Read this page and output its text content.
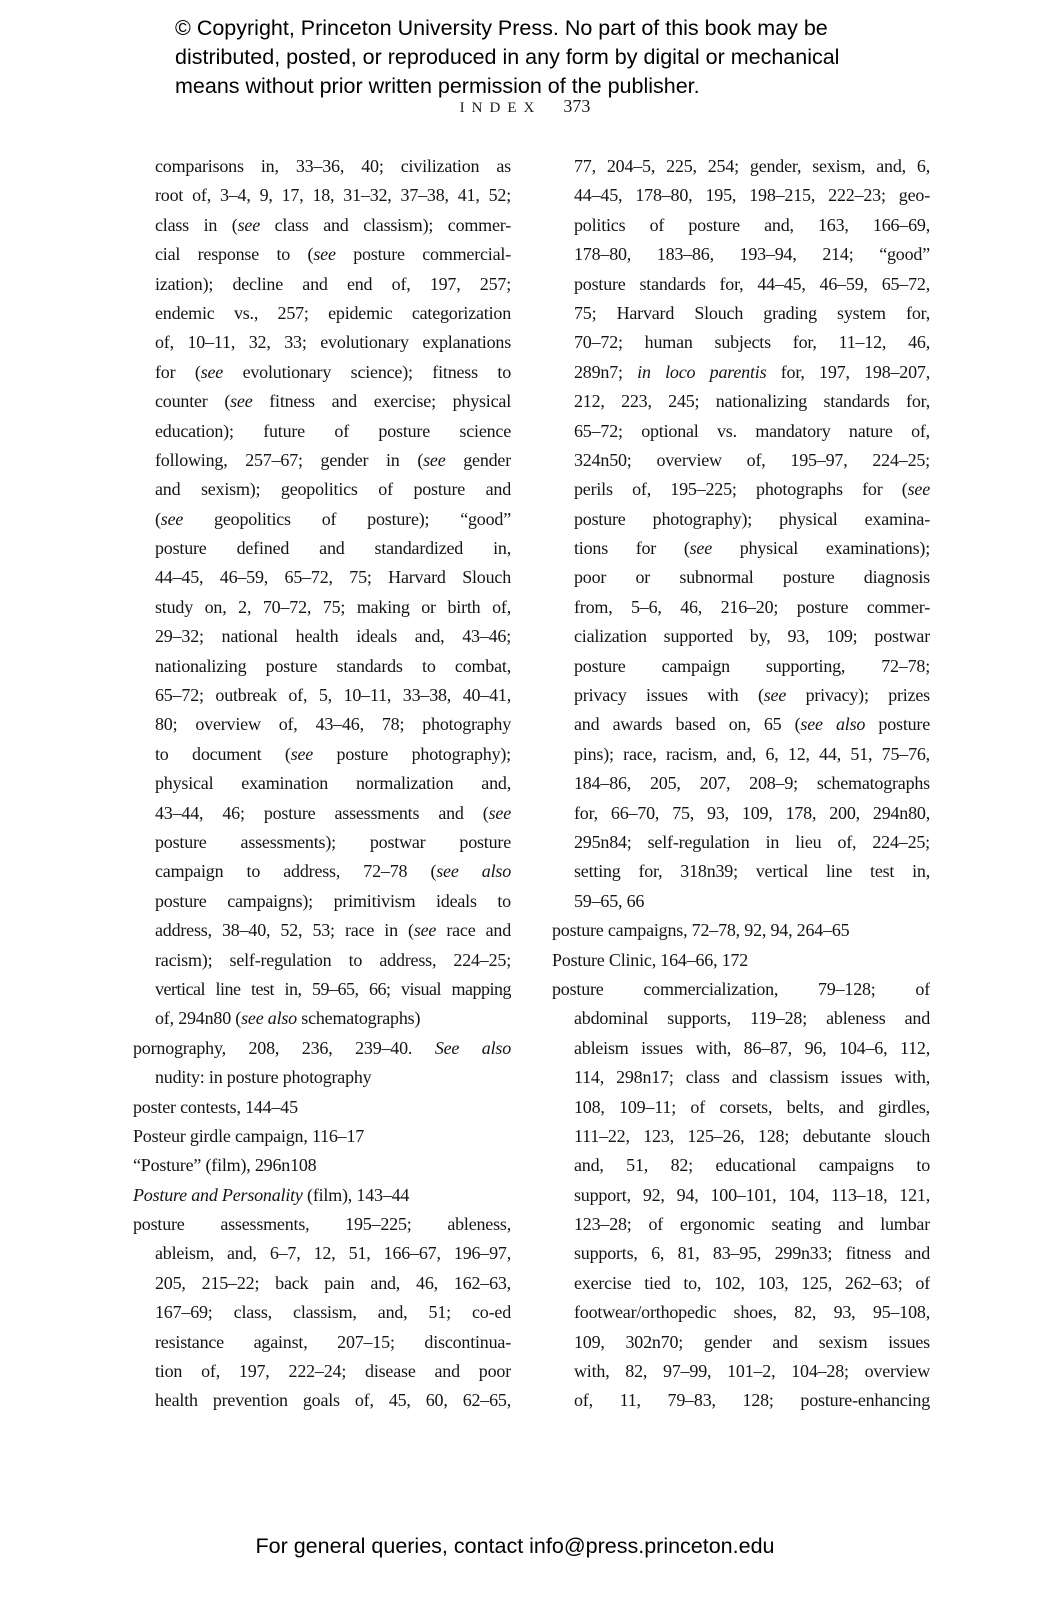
© Copyright, Princeton University Press. No part of this book may be
distributed, posted, or reproduced in any form by digital or mechanical
means without prior written permission of the publisher.
INDEX 373
comparisons in, 33–36, 40; civilization as
root of, 3–4, 9, 17, 18, 31–32, 37–38, 41, 52;
class in (see class and classism); commer-
cial response to (see posture commercial-
ization); decline and end of, 197, 257;
endemic vs., 257; epidemic categorization
of, 10–11, 32, 33; evolutionary explanations
for (see evolutionary science); fitness to
counter (see fitness and exercise; physical
education); future of posture science
following, 257–67; gender in (see gender
and sexism); geopolitics of posture and
(see geopolitics of posture); “good”
posture defined and standardized in,
44–45, 46–59, 65–72, 75; Harvard Slouch
study on, 2, 70–72, 75; making or birth of,
29–32; national health ideals and, 43–46;
nationalizing posture standards to combat,
65–72; outbreak of, 5, 10–11, 33–38, 40–41,
80; overview of, 43–46, 78; photography
to document (see posture photography);
physical examination normalization and,
43–44, 46; posture assessments and (see
posture assessments); postwar posture
campaign to address, 72–78 (see also
posture campaigns); primitivism ideals to
address, 38–40, 52, 53; race in (see race and
racism); self-regulation to address, 224–25;
vertical line test in, 59–65, 66; visual mapping
of, 294n80 (see also schematographs)
pornography, 208, 236, 239–40. See also
nudity: in posture photography
poster contests, 144–45
Posteur girdle campaign, 116–17
“Posture” (film), 296n108
Posture and Personality (film), 143–44
posture assessments, 195–225; ableness,
ableism, and, 6–7, 12, 51, 166–67, 196–97,
205, 215–22; back pain and, 46, 162–63,
167–69; class, classism, and, 51; co-ed
resistance against, 207–15; discontinua-
tion of, 197, 222–24; disease and poor
health prevention goals of, 45, 60, 62–65,
77, 204–5, 225, 254; gender, sexism, and, 6,
44–45, 178–80, 195, 198–215, 222–23; geo-
politics of posture and, 163, 166–69,
178–80, 183–86, 193–94, 214; “good”
posture standards for, 44–45, 46–59, 65–72,
75; Harvard Slouch grading system for,
70–72; human subjects for, 11–12, 46,
289n7; in loco parentis for, 197, 198–207,
212, 223, 245; nationalizing standards for,
65–72; optional vs. mandatory nature of,
324n50; overview of, 195–97, 224–25;
perils of, 195–225; photographs for (see
posture photography); physical examina-
tions for (see physical examinations);
poor or subnormal posture diagnosis
from, 5–6, 46, 216–20; posture commer-
cialization supported by, 93, 109; postwar
posture campaign supporting, 72–78;
privacy issues with (see privacy); prizes
and awards based on, 65 (see also posture
pins); race, racism, and, 6, 12, 44, 51, 75–76,
184–86, 205, 207, 208–9; schematographs
for, 66–70, 75, 93, 109, 178, 200, 294n80,
295n84; self-regulation in lieu of, 224–25;
setting for, 318n39; vertical line test in,
59–65, 66
posture campaigns, 72–78, 92, 94, 264–65
Posture Clinic, 164–66, 172
posture commercialization, 79–128; of
abdominal supports, 119–28; ableness and
ableism issues with, 86–87, 96, 104–6, 112,
114, 298n17; class and classism issues with,
108, 109–11; of corsets, belts, and girdles,
111–22, 123, 125–26, 128; debutante slouch
and, 51, 82; educational campaigns to
support, 92, 94, 100–101, 104, 113–18, 121,
123–28; of ergonomic seating and lumbar
supports, 6, 81, 83–95, 299n33; fitness and
exercise tied to, 102, 103, 125, 262–63; of
footwear/orthopedic shoes, 82, 93, 95–108,
109, 302n70; gender and sexism issues
with, 82, 97–99, 101–2, 104–28; overview
of, 11, 79–83, 128; posture-enhancing
For general queries, contact info@press.princeton.edu
